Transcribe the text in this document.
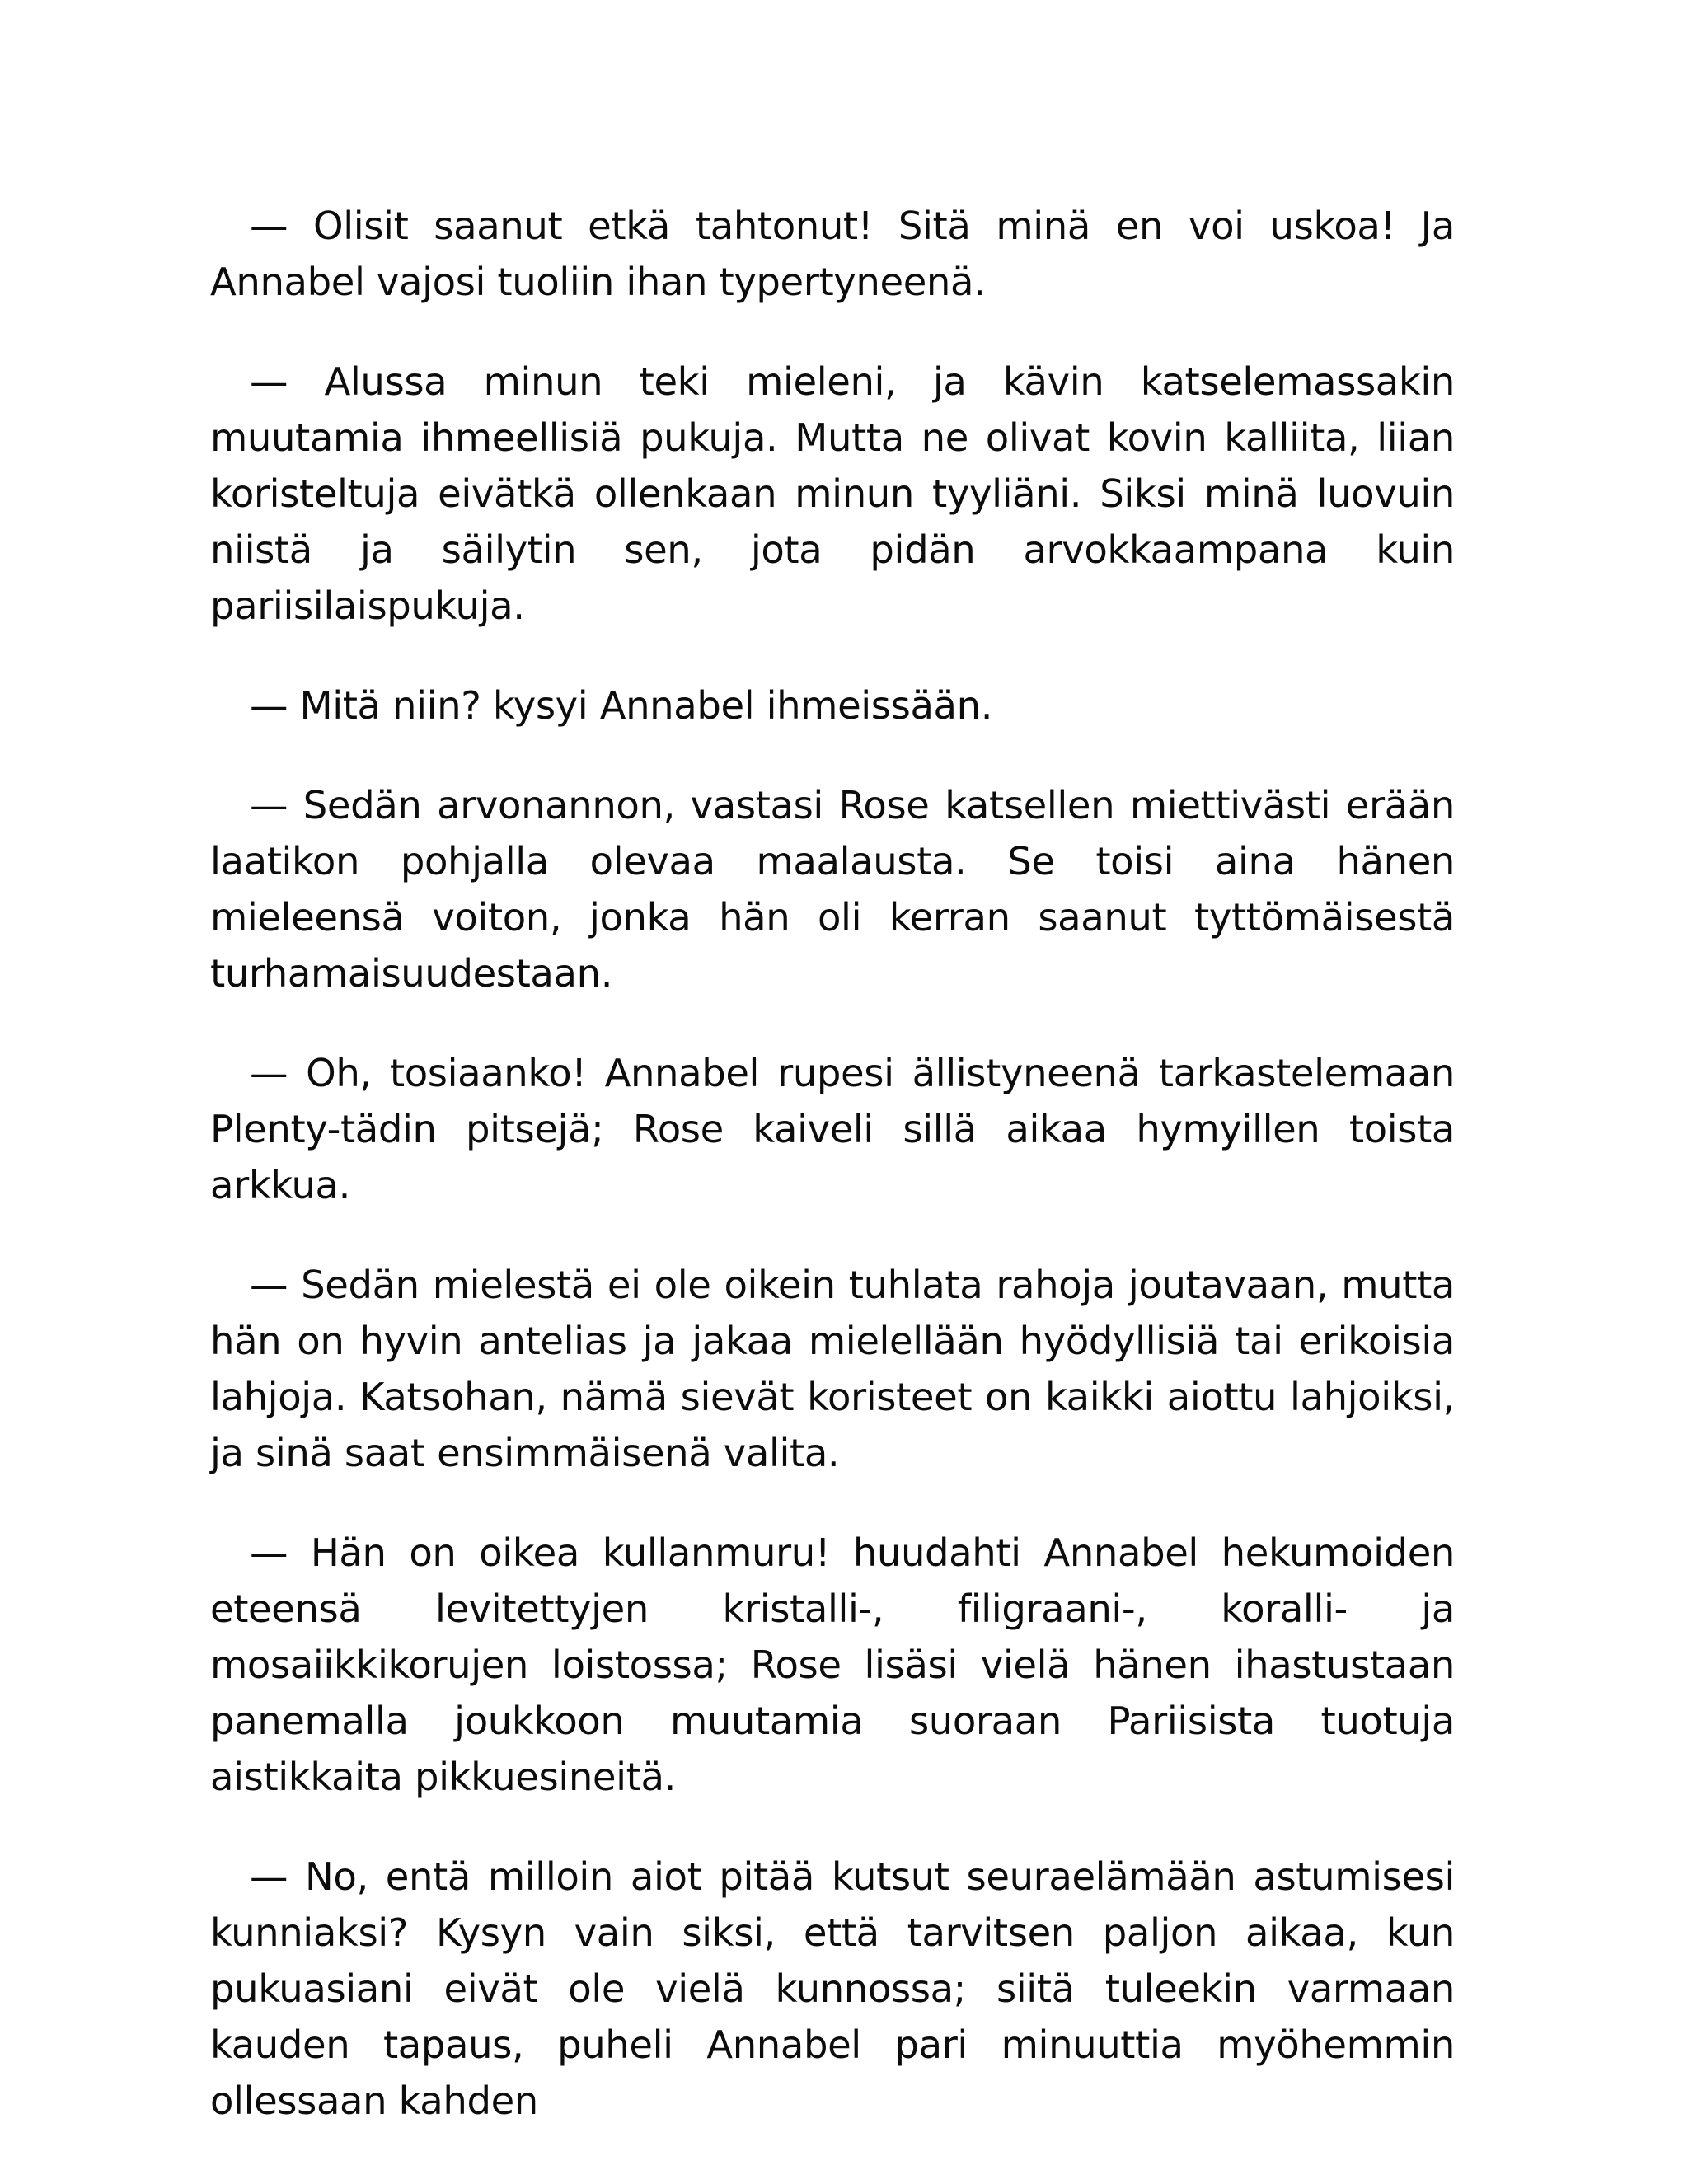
— Olisit saanut etkä tahtonut! Sitä minä en voi uskoa! Ja Annabel vajosi tuoliin ihan typertyneenä.

— Alussa minun teki mieleni, ja kävin katselemassakin muutamia ihmeellisiä pukuja. Mutta ne olivat kovin kalliita, liian koristeltuja eivätkä ollenkaan minun tyyliäni. Siksi minä luovuin niistä ja säilytin sen, jota pidän arvokkaampana kuin pariisilaispukuja.

— Mitä niin? kysyi Annabel ihmeissään.

— Sedän arvonannon, vastasi Rose katsellen miettivästi erään laatikon pohjalla olevaa maalausta. Se toisi aina hänen mieleensä voiton, jonka hän oli kerran saanut tyttömäisestä turhamaisuudestaan.

— Oh, tosiaanko! Annabel rupesi ällistyneenä tarkastelemaan Plenty-tädin pitsejä; Rose kaiveli sillä aikaa hymyillen toista arkkua.

— Sedän mielestä ei ole oikein tuhlata rahoja joutavaan, mutta hän on hyvin antelias ja jakaa mielellään hyödyllisiä tai erikoisia lahjoja. Katsohan, nämä sievät koristeet on kaikki aiottu lahjoiksi, ja sinä saat ensimmäisenä valita.

— Hän on oikea kullanmuru! huudahti Annabel hekumoiden eteensä levitettyjen kristalli-, filigraani-, koralli- ja mosaiikkikorujen loistossa; Rose lisäsi vielä hänen ihastustaan panemalla joukkoon muutamia suoraan Pariisista tuotuja aistikkaita pikkuesineitä.

— No, entä milloin aiot pitää kutsut seuraelämään astumisesi kunniaksi? Kysyn vain siksi, että tarvitsen paljon aikaa, kun pukuasiani eivät ole vielä kunnossa; siitä tuleekin varmaan kauden tapaus, puheli Annabel pari minuuttia myöhemmin ollessaan kahden
